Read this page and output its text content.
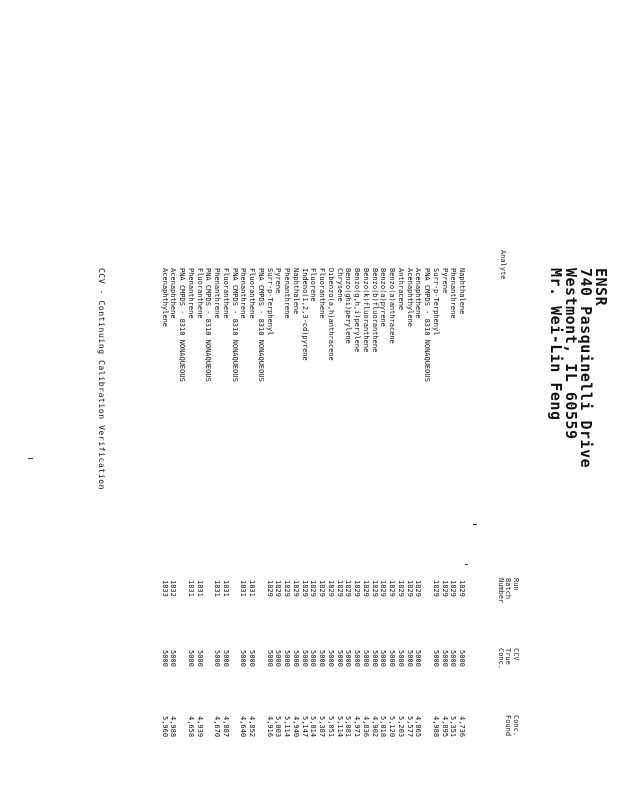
ENSR
740 Pasquinelli Drive
Westmont, IL 60559
Mr. Wei-Lin Feng
Analyte
Run
Batch
Number
CCV
True
Conc.
Conc.
Found
Naphthalene
1829
5000
4,736
Phenanthrene
1829
5000
5,351
Pyrene
1829
5000
4,895
Surr-p-Terphenyl
1829
5000
4,988
PNA CMPDS - 8310 NONAQUEOUS
Acenaphthene
1829
5000
4,865
Acenaphthylene
1829
5000
5,577
Anthracene
1829
5000
5,203
Benzo(a)anthracene
1829
5000
5,120
Benzo(a)pyrene
1829
5000
5,018
Benzo(b)fluoranthene
1829
5000
4,902
Benzo(k)fluoranthene
1829
5000
4,836
Benzo(g,h,i)perylene
1829
5000
4,971
Benzo(ghi)perylene
1829
5000
5,081
Chrysene
1829
5000
5,114
Dibenzo(a,h)anthracene
1829
5000
5,051
Fluoranthene
1829
5000
5,387
Fluorene
1829
5000
5,014
Indeno(1,2,3-cd)pyrene
1829
5000
5,147
Naphthalene
1829
5000
4,940
Phenanthrene
1829
5000
5,114
Pyrene
1829
5000
5,003
Surr-p-Terphenyl
1829
5000
4,916
PNA CMPDS - 8310 NONAQUEOUS
Fluoranthene
1831
5000
4,852
Phenanthrene
1831
5000
4,640
PNA CMPDS - 8310 NONAQUEOUS
Fluoranthene
1831
5000
4,887
Phenanthrene
1831
5000
4,670
PNA CMPDS - 8310 NONAQUEOUS
Fluoranthene
1831
5000
4,939
Phenanthrene
1831
5000
4,658
PNA CMPDS - 8310 NONAQUEOUS
Acenaphthene
1832
5000
4,988
Acenaphthylene
1833
5000
5,960
CCV - Continuing Calibration Verification
